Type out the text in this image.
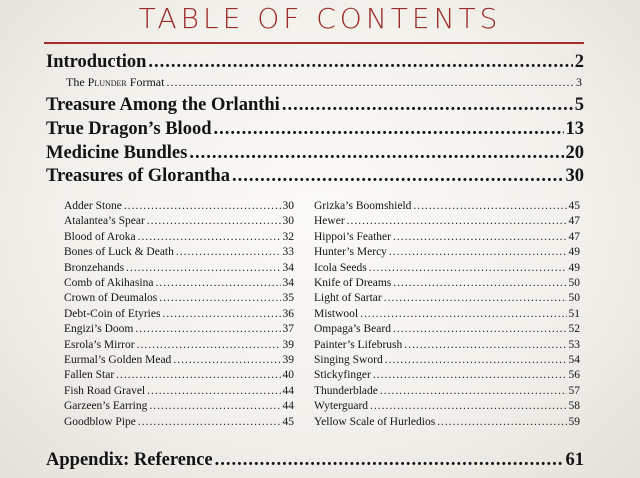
TABLE OF CONTENTS
Introduction .....	2
The Plunder Format .....	3
Treasure Among the Orlanthi .....	5
True Dragon’s Blood .....	13
Medicine Bundles .....	20
Treasures of Glorantha .....	30
Adder Stone .....	30
Atalantea’s Spear .....	30
Blood of Aroka .....	32
Bones of Luck & Death .....	33
Bronzehands .....	34
Comb of Akihasina .....	34
Crown of Deumalos .....	35
Debt-Coin of Etyries .....	36
Engizi’s Doom .....	37
Esrola’s Mirror .....	39
Eurmal’s Golden Mead .....	39
Fallen Star .....	40
Fish Road Gravel .....	44
Garzeen’s Earring .....	44
Goodblow Pipe .....	45
Grizka’s Boomshield .....	45
Hewer .....	47
Hippoi’s Feather .....	47
Hunter’s Mercy .....	49
Icola Seeds .....	49
Knife of Dreams .....	50
Light of Sartar .....	50
Mistwool .....	51
Ompaga’s Beard .....	52
Painter’s Lifebrush .....	53
Singing Sword .....	54
Stickyfinger .....	56
Thunderblade .....	57
Wyterguard .....	58
Yellow Scale of Hurledios .....	59
Appendix: Reference .....	61
